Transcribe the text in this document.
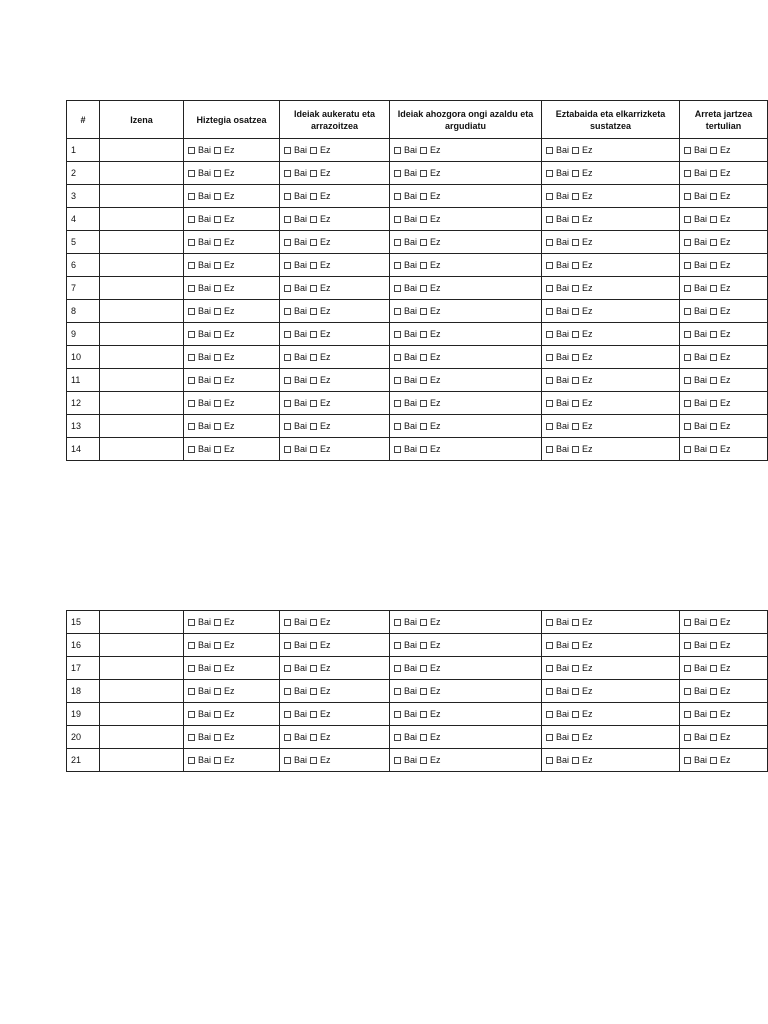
#	Izena	Hiztegia osatzea	Ideiak aukeratu eta arrazoitzea	Ideiak ahozgora ongi azaldu eta argudiatu	Eztabaida eta elkarrizketa sustatzea	Arreta jartzea tertulian
1		Bai Ez	Bai Ez	Bai Ez	Bai Ez	Bai Ez
2		Bai Ez	Bai Ez	Bai Ez	Bai Ez	Bai Ez
3		Bai Ez	Bai Ez	Bai Ez	Bai Ez	Bai Ez
4		Bai Ez	Bai Ez	Bai Ez	Bai Ez	Bai Ez
5		Bai Ez	Bai Ez	Bai Ez	Bai Ez	Bai Ez
6		Bai Ez	Bai Ez	Bai Ez	Bai Ez	Bai Ez
7		Bai Ez	Bai Ez	Bai Ez	Bai Ez	Bai Ez
8		Bai Ez	Bai Ez	Bai Ez	Bai Ez	Bai Ez
9		Bai Ez	Bai Ez	Bai Ez	Bai Ez	Bai Ez
10		Bai Ez	Bai Ez	Bai Ez	Bai Ez	Bai Ez
11		Bai Ez	Bai Ez	Bai Ez	Bai Ez	Bai Ez
12		Bai Ez	Bai Ez	Bai Ez	Bai Ez	Bai Ez
13		Bai Ez	Bai Ez	Bai Ez	Bai Ez	Bai Ez
14		Bai Ez	Bai Ez	Bai Ez	Bai Ez	Bai Ez
15		Bai Ez	Bai Ez	Bai Ez	Bai Ez	Bai Ez
16		Bai Ez	Bai Ez	Bai Ez	Bai Ez	Bai Ez
17		Bai Ez	Bai Ez	Bai Ez	Bai Ez	Bai Ez
18		Bai Ez	Bai Ez	Bai Ez	Bai Ez	Bai Ez
19		Bai Ez	Bai Ez	Bai Ez	Bai Ez	Bai Ez
20		Bai Ez	Bai Ez	Bai Ez	Bai Ez	Bai Ez
21		Bai Ez	Bai Ez	Bai Ez	Bai Ez	Bai Ez
